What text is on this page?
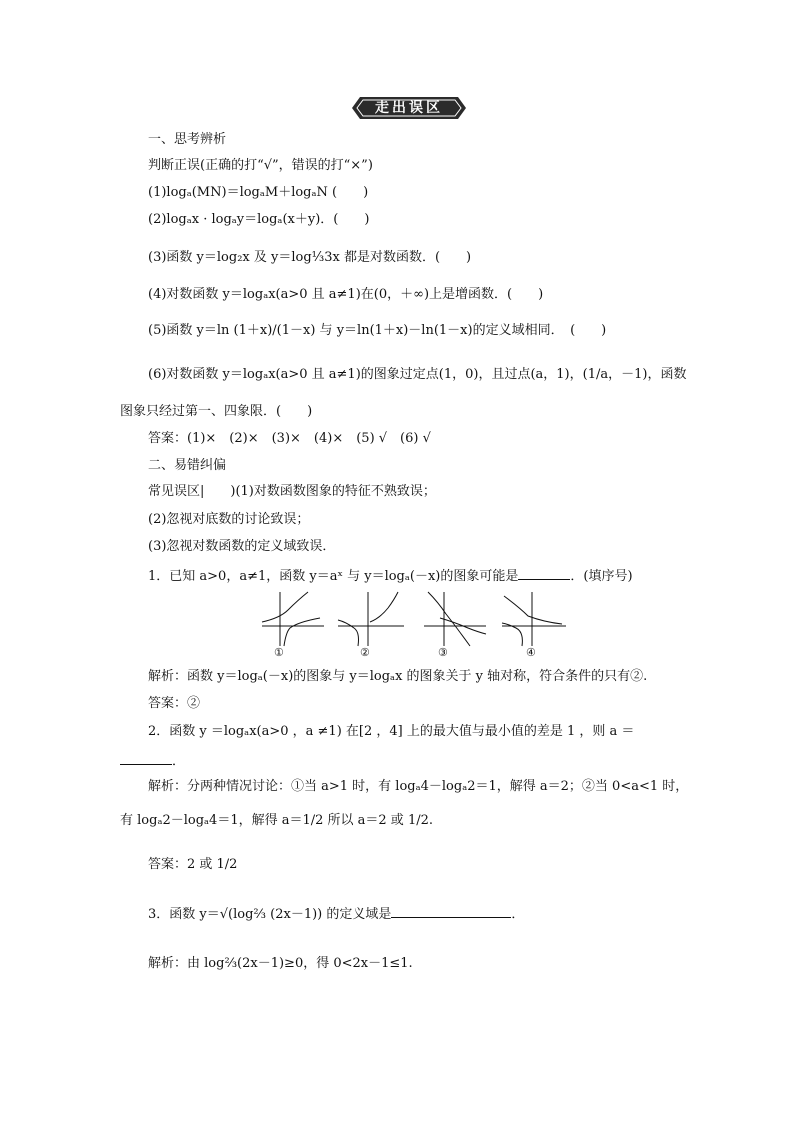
走出误区
一、思考辨析
判断正误(正确的打“√”，错误的打“×”)
(1)logₐ(MN)＝logₐM＋logₐN (　　)
(2)logₐx · logₐy＝logₐ(x＋y)．(　　)
(3)函数 y＝log₂x 及 y＝log⅓3x 都是对数函数．(　　)
(4)对数函数 y＝logₐx(a>0 且 a≠1)在(0，＋∞)上是增函数．(　　)
(5)函数 y＝ln (1＋x)/(1－x) 与 y＝ln(1＋x)－ln(1－x)的定义域相同．　(　　)
(6)对数函数 y＝logₐx(a>0 且 a≠1)的图象过定点(1，0)，且过点(a，1)，(1/a，－1)，函数
图象只经过第一、四象限．(　　)
答案：(1)×　(2)×　(3)×　(4)×　(5) √　(6) √
二、易错纠偏
常见误区|　　)(1)对数函数图象的特征不熟致误；
(2)忽视对底数的讨论致误；
(3)忽视对数函数的定义域致误．
1．已知 a>0，a≠1，函数 y＝aˣ 与 y＝logₐ(－x)的图象可能是	．(填序号)
①	②	③	④
解析：函数 y＝logₐ(－x)的图象与 y＝logₐx 的图象关于 y 轴对称，符合条件的只有②.
答案：②
2．函数 y ＝logₐx(a>0 ，a ≠1) 在[2 ，4] 上的最大值与最小值的差是 1 ，则 a ＝
．
解析：分两种情况讨论：①当 a>1 时，有 logₐ4－logₐ2＝1，解得 a＝2；②当 0<a<1 时，
有 logₐ2－logₐ4＝1，解得 a＝1/2 所以 a＝2 或 1/2.
答案：2 或 1/2
3．函数 y＝√(log⅔ (2x－1)) 的定义域是	．
解析：由 log⅔(2x－1)≥0，得 0<2x－1≤1.
